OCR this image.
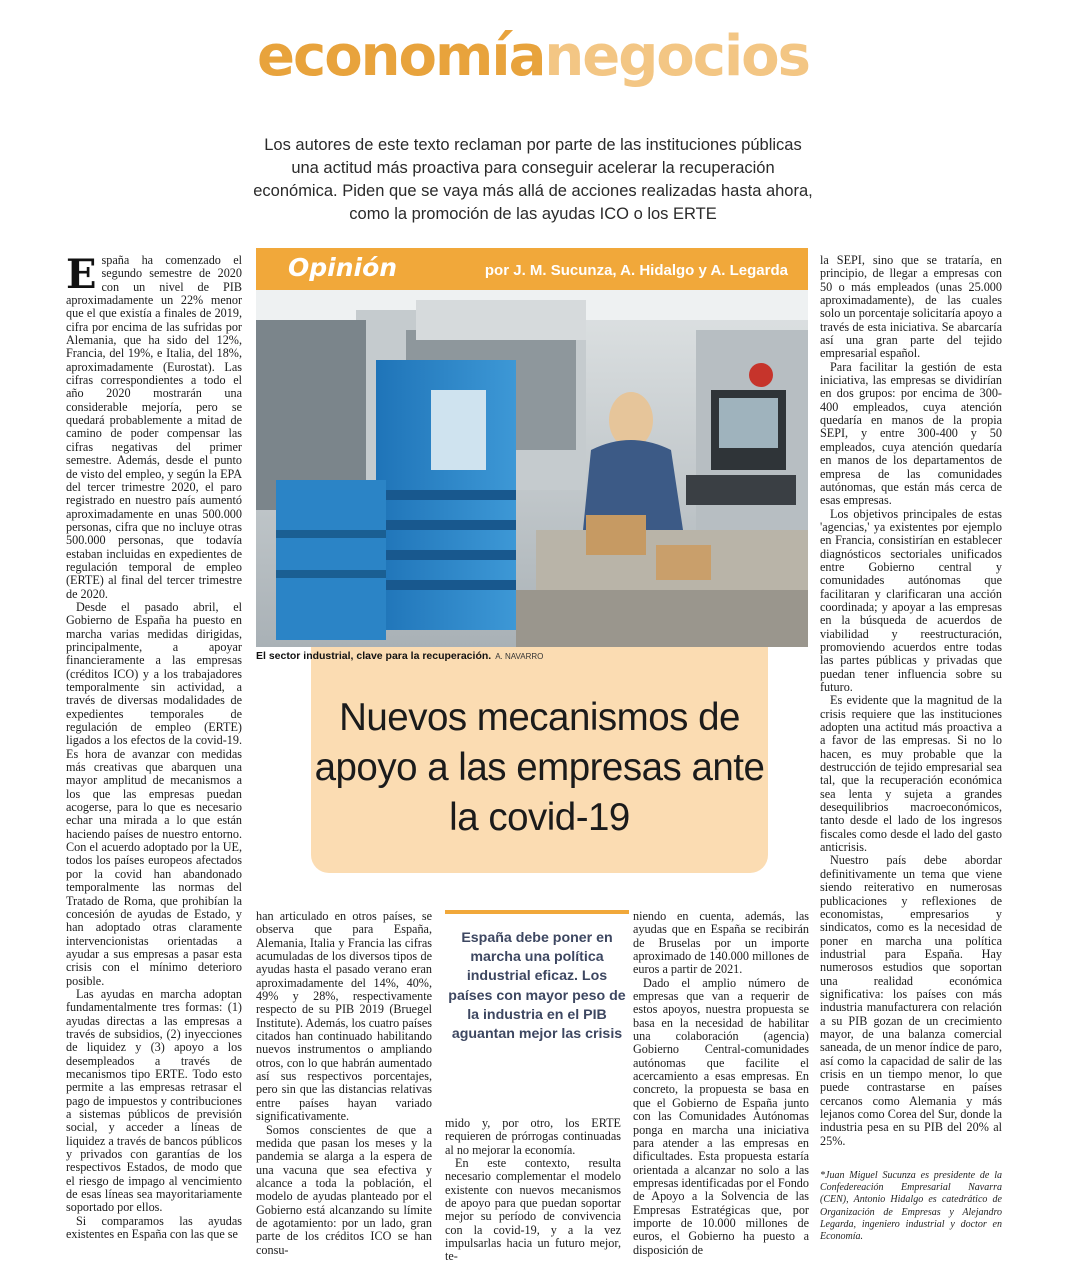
economíanegocios
Los autores de este texto reclaman por parte de las instituciones públicas una actitud más proactiva para conseguir acelerar la recuperación económica. Piden que se vaya más allá de acciones realizadas hasta ahora, como la promoción de las ayudas ICO o los ERTE

España ha comenzado el segundo semestre de 2020 con un nivel de PIB aproximadamente un 22% menor que el que existía a finales de 2019, cifra por encima de las sufridas por Alemania, que ha sido del 12%, Francia, del 19%, e Italia, del 18%, aproximadamente (Eurostat). Las cifras correspondientes a todo el año 2020 mostrarán una considerable mejoría, pero se quedará probablemente a mitad de camino de poder compensar las cifras negativas del primer semestre. Además, desde el punto de visto del empleo, y según la EPA del tercer trimestre 2020, el paro registrado en nuestro país aumentó aproximadamente en unas 500.000 personas, cifra que no incluye otras 500.000 personas, que todavía estaban incluidas en expedientes de regulación temporal de empleo (ERTE) al final del tercer trimestre de 2020.

Desde el pasado abril, el Gobierno de España ha puesto en marcha varias medidas dirigidas, principalmente, a apoyar financieramente a las empresas (créditos ICO) y a los trabajadores temporalmente sin actividad, a través de diversas modalidades de expedientes temporales de regulación de empleo (ERTE) ligados a los efectos de la covid-19. Es hora de avanzar con medidas más creativas que abarquen una mayor amplitud de mecanismos a los que las empresas puedan acogerse, para lo que es necesario echar una mirada a lo que están haciendo países de nuestro entorno. Con el acuerdo adoptado por la UE, todos los países europeos afectados por la covid han abandonado temporalmente las normas del Tratado de Roma, que prohibían la concesión de ayudas de Estado, y han adoptado otras claramente intervencionistas orientadas a ayudar a sus empresas a pasar esta crisis con el mínimo deterioro posible.

Las ayudas en marcha adoptan fundamentalmente tres formas: (1) ayudas directas a las empresas a través de subsidios, (2) inyecciones de liquidez y (3) apoyo a los desempleados a través de mecanismos tipo ERTE. Todo esto permite a las empresas retrasar el pago de impuestos y contribuciones a sistemas públicos de previsión social, y acceder a líneas de liquidez a través de bancos públicos y privados con garantías de los respectivos Estados, de modo que el riesgo de impago al vencimiento de esas líneas sea mayoritariamente soportado por ellos.

Si comparamos las ayudas existentes en España con las que se

Opinión	por J. M. Sucunza, A. Hidalgo y A. Legarda
El sector industrial, clave para la recuperación. A. NAVARRO
Nuevos mecanismos de apoyo a las empresas ante la covid-19

han articulado en otros países, se observa que para España, Alemania, Italia y Francia las cifras acumuladas de los diversos tipos de ayudas hasta el pasado verano eran aproximadamente del 14%, 40%, 49% y 28%, respectivamente respecto de su PIB 2019 (Bruegel Institute). Además, los cuatro países citados han continuado habilitando nuevos instrumentos o ampliando otros, con lo que habrán aumentado así sus respectivos porcentajes, pero sin que las distancias relativas entre países hayan variado significativamente.

Somos conscientes de que a medida que pasan los meses y la pandemia se alarga a la espera de una vacuna que sea efectiva y alcance a toda la población, el modelo de ayudas planteado por el Gobierno está alcanzando su límite de agotamiento: por un lado, gran parte de los créditos ICO se han consu-

España debe poner en marcha una política industrial eficaz. Los países con mayor peso de la industria en el PIB aguantan mejor las crisis

mido y, por otro, los ERTE requieren de prórrogas continuadas al no mejorar la economía.

En este contexto, resulta necesario complementar el modelo existente con nuevos mecanismos de apoyo para que puedan soportar mejor su período de convivencia con la covid-19, y a la vez impulsarlas hacia un futuro mejor, te-

niendo en cuenta, además, las ayudas que en España se recibirán de Bruselas por un importe aproximado de 140.000 millones de euros a partir de 2021.

Dado el amplio número de empresas que van a requerir de estos apoyos, nuestra propuesta se basa en la necesidad de habilitar una colaboración (agencia) Gobierno Central-comunidades autónomas que facilite el acercamiento a esas empresas. En concreto, la propuesta se basa en que el Gobierno de España junto con las Comunidades Autónomas ponga en marcha una iniciativa para atender a las empresas en dificultades. Esta propuesta estaría orientada a alcanzar no solo a las empresas identificadas por el Fondo de Apoyo a la Solvencia de las Empresas Estratégicas que, por importe de 10.000 millones de euros, el Gobierno ha puesto a disposición de

la SEPI, sino que se trataría, en principio, de llegar a empresas con 50 o más empleados (unas 25.000 aproximadamente), de las cuales solo un porcentaje solicitaría apoyo a través de esta iniciativa. Se abarcaría así una gran parte del tejido empresarial español.

Para facilitar la gestión de esta iniciativa, las empresas se dividirían en dos grupos: por encima de 300-400 empleados, cuya atención quedaría en manos de la propia SEPI, y entre 300-400 y 50 empleados, cuya atención quedaría en manos de los departamentos de empresa de las comunidades autónomas, que están más cerca de esas empresas.

Los objetivos principales de estas 'agencias,' ya existentes por ejemplo en Francia, consistirían en establecer diagnósticos sectoriales unificados entre Gobierno central y comunidades autónomas que facilitaran y clarificaran una acción coordinada; y apoyar a las empresas en la búsqueda de acuerdos de viabilidad y reestructuración, promoviendo acuerdos entre todas las partes públicas y privadas que puedan tener influencia sobre su futuro.

Es evidente que la magnitud de la crisis requiere que las instituciones adopten una actitud más proactiva a a favor de las empresas. Si no lo hacen, es muy probable que la destrucción de tejido empresarial sea tal, que la recuperación económica sea lenta y sujeta a grandes desequilibrios macroeconómicos, tanto desde el lado de los ingresos fiscales como desde el lado del gasto anticrisis.

Nuestro país debe abordar definitivamente un tema que viene siendo reiterativo en numerosas publicaciones y reflexiones de economistas, empresarios y sindicatos, como es la necesidad de poner en marcha una política industrial para España. Hay numerosos estudios que soportan una realidad económica significativa: los países con más industria manufacturera con relación a su PIB gozan de un crecimiento mayor, de una balanza comercial saneada, de un menor índice de paro, así como la capacidad de salir de las crisis en un tiempo menor, lo que puede contrastarse en países cercanos como Alemania y más lejanos como Corea del Sur, donde la industria pesa en su PIB del 20% al 25%.

*Juan Miguel Sucunza es presidente de la Confedereación Empresarial Navarra (CEN), Antonio Hidalgo es catedrático de Organización de Empresas y Alejandro Legarda, ingeniero industrial y doctor en Economía.
